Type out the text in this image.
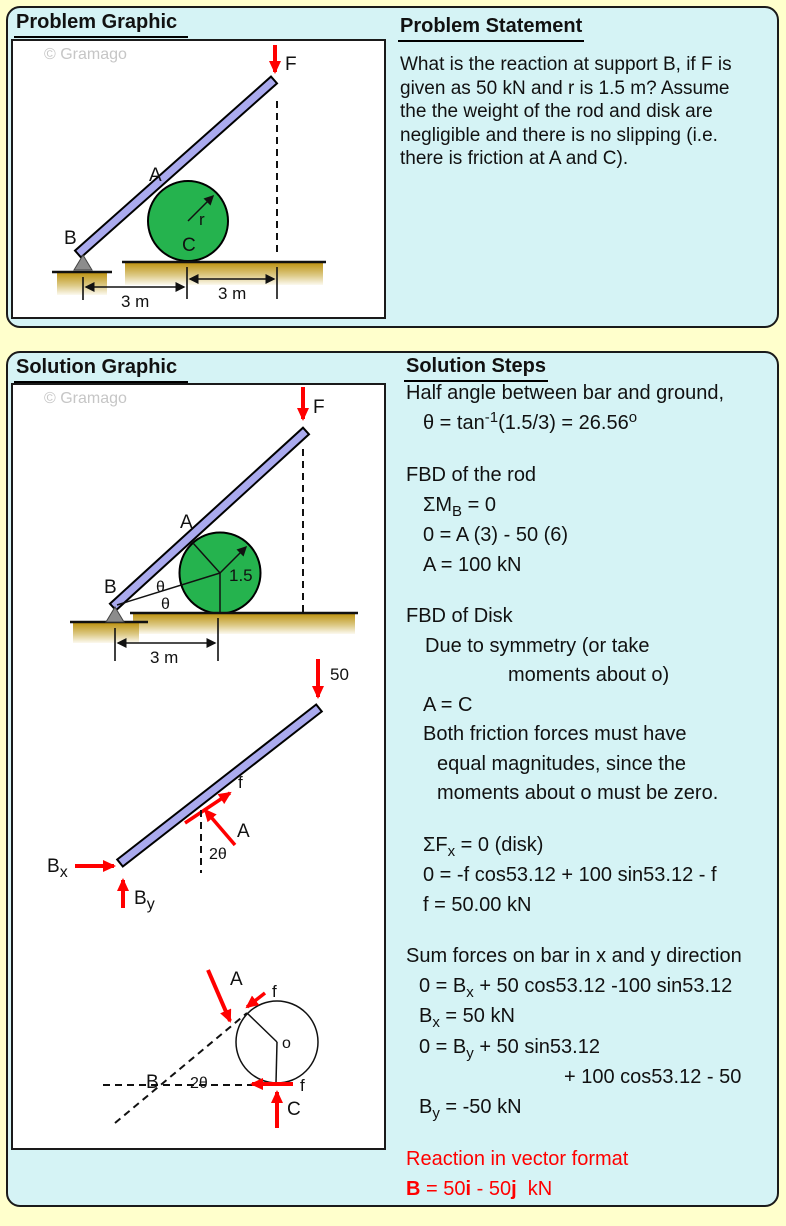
Problem Graphic	Problem Statement
© Gramago
r
F
A
B	C
3 m	3 m
What is the reaction at support B, if F is
given as 50 kN and r is 1.5 m? Assume
the the weight of the rod and disk are
negligible and there is no slipping (i.e.
there is friction at A and C).
Solution Graphic	Solution Steps
© Gramago
1.5
θ
θ
F
A
B
3 m
50
f
A
2θ
$B_x$
$B_y$
o
B 2θ
A
f
f
C
Half angle between bar and ground,
$\theta = \tan^{-1}(1.5/3) = 26.56^o$
FBD of the rod
$\Sigma M_B = 0$
0 = A (3) - 50 (6)
A = 100 kN
FBD of Disk
Due to symmetry (or take
moments about o)
A = C
Both friction forces must have
equal magnitudes, since the
moments about o must be zero.
$\Sigma F_x = 0$ (disk)
0 = -f cos53.12 + 100 sin53.12 - f
f = 50.00 kN
Sum forces on bar in x and y direction
$0 = B_x + 50$ cos53.12 -100 sin53.12
$B_x = 50$ kN
$0 = B_y + 50$ sin53.12
+ 100 cos53.12 - 50
$B_y = -50$ kN
Reaction in vector format
B = 50i - 50j  kN
